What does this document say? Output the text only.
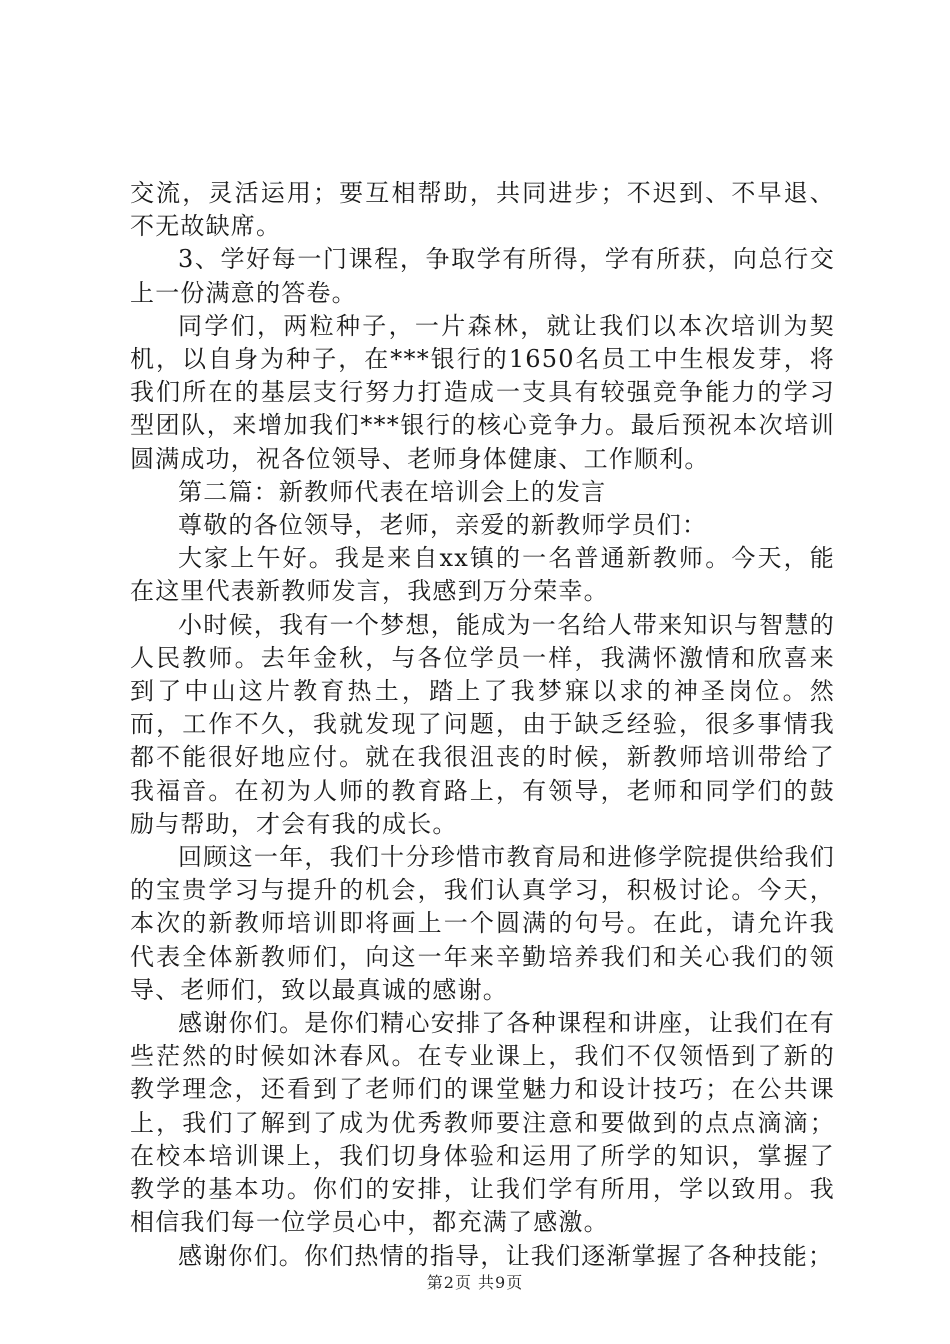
交流，灵活运用；要互相帮助，共同进步；不迟到、不早退、不无故缺席。

3、学好每一门课程，争取学有所得，学有所获，向总行交上一份满意的答卷。

同学们，两粒种子，一片森林，就让我们以本次培训为契机，以自身为种子，在***银行的1650名员工中生根发芽，将我们所在的基层支行努力打造成一支具有较强竞争能力的学习型团队，来增加我们***银行的核心竞争力。最后预祝本次培训圆满成功，祝各位领导、老师身体健康、工作顺利。

第二篇：新教师代表在培训会上的发言

尊敬的各位领导，老师，亲爱的新教师学员们：

大家上午好。我是来自xx镇的一名普通新教师。今天，能在这里代表新教师发言，我感到万分荣幸。

小时候，我有一个梦想，能成为一名给人带来知识与智慧的人民教师。去年金秋，与各位学员一样，我满怀激情和欣喜来到了中山这片教育热土，踏上了我梦寐以求的神圣岗位。然而，工作不久，我就发现了问题，由于缺乏经验，很多事情我都不能很好地应付。就在我很沮丧的时候，新教师培训带给了我福音。在初为人师的教育路上，有领导，老师和同学们的鼓励与帮助，才会有我的成长。

回顾这一年，我们十分珍惜市教育局和进修学院提供给我们的宝贵学习与提升的机会，我们认真学习，积极讨论。今天，本次的新教师培训即将画上一个圆满的句号。在此，请允许我代表全体新教师们，向这一年来辛勤培养我们和关心我们的领导、老师们，致以最真诚的感谢。

感谢你们。是你们精心安排了各种课程和讲座，让我们在有些茫然的时候如沐春风。在专业课上，我们不仅领悟到了新的教学理念，还看到了老师们的课堂魅力和设计技巧；在公共课上，我们了解到了成为优秀教师要注意和要做到的点点滴滴；在校本培训课上，我们切身体验和运用了所学的知识，掌握了教学的基本功。你们的安排，让我们学有所用，学以致用。我相信我们每一位学员心中，都充满了感激。

感谢你们。你们热情的指导，让我们逐渐掌握了各种技能；

第2页 共9页
